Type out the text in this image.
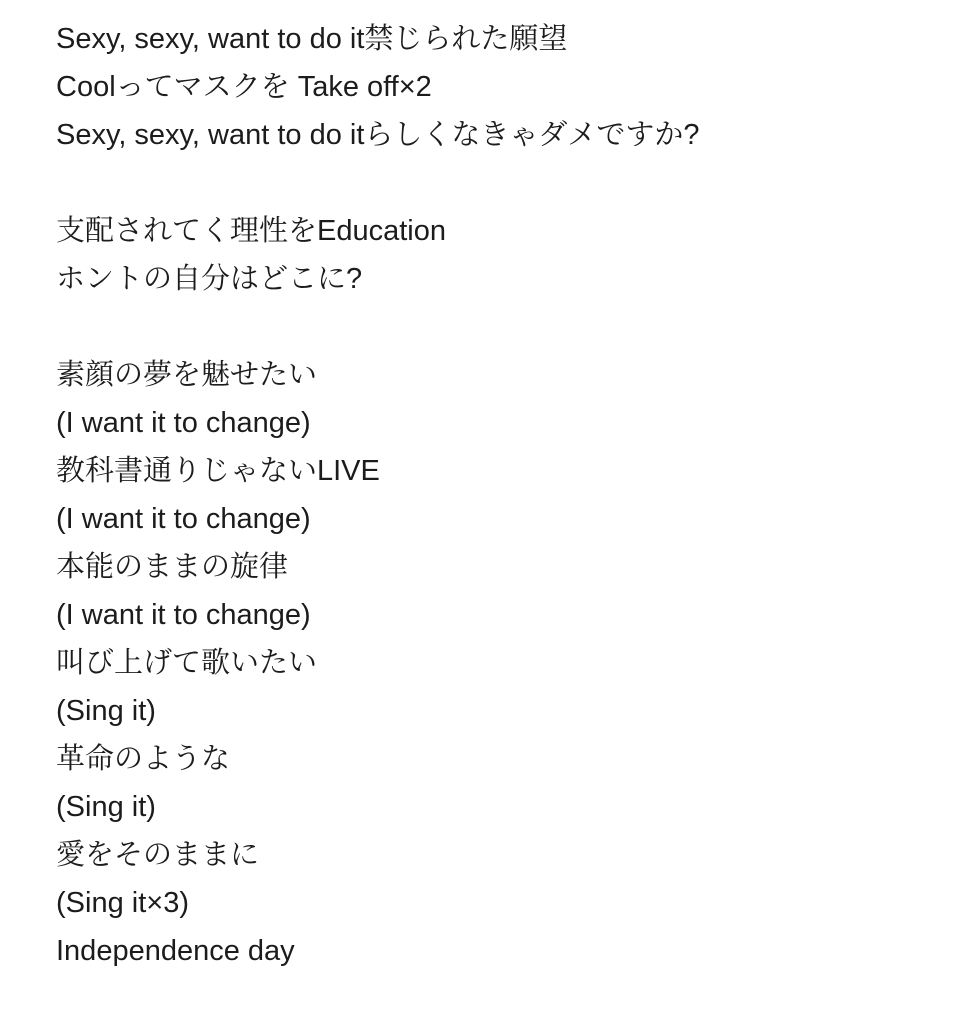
Sexy, sexy, want to do it禁じられた願望
Coolってマスクを Take off×2
Sexy, sexy, want to do itらしくなきゃダメですか?
支配されてく理性をEducation
ホントの自分はどこに?
素顔の夢を魅せたい
(I want it to change)
教科書通りじゃないLIVE
(I want it to change)
本能のままの旋律
(I want it to change)
叫び上げて歌いたい
(Sing it)
革命のような
(Sing it)
愛をそのままに
(Sing it×3)
Independence day
